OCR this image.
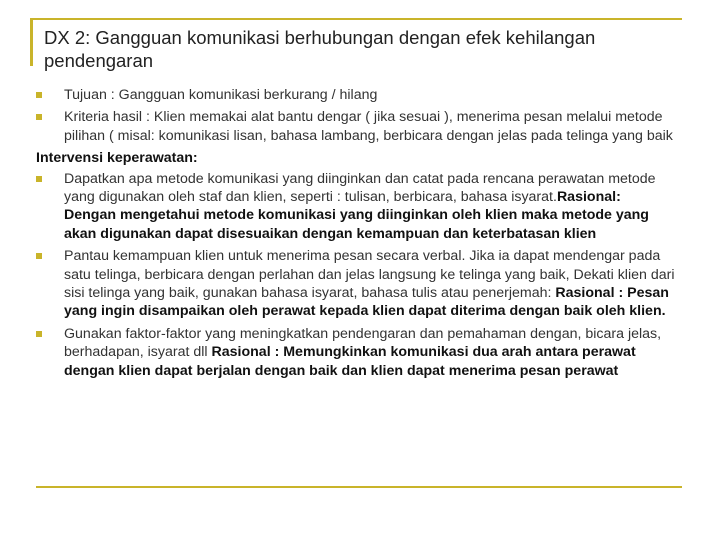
DX 2: Gangguan komunikasi berhubungan dengan efek kehilangan pendengaran
Tujuan : Gangguan komunikasi berkurang / hilang
Kriteria hasil : Klien memakai alat bantu dengar ( jika sesuai ), menerima pesan melalui metode pilihan ( misal: komunikasi lisan, bahasa lambang, berbicara dengan jelas pada telinga yang baik
Intervensi keperawatan:
Dapatkan apa metode komunikasi yang diinginkan dan catat pada rencana perawatan metode yang digunakan oleh staf dan klien, seperti : tulisan, berbicara, bahasa isyarat.Rasional: Dengan mengetahui metode komunikasi yang diinginkan oleh klien maka metode yang akan digunakan dapat disesuaikan dengan kemampuan dan keterbatasan klien
Pantau kemampuan klien untuk menerima pesan secara verbal. Jika ia dapat mendengar pada satu telinga, berbicara dengan perlahan dan jelas langsung ke telinga yang baik, Dekati klien dari sisi telinga yang baik, gunakan bahasa isyarat, bahasa tulis atau penerjemah: Rasional : Pesan yang ingin disampaikan oleh perawat kepada klien dapat diterima dengan baik oleh klien.
Gunakan faktor-faktor yang meningkatkan pendengaran dan pemahaman dengan, bicara jelas, berhadapan, isyarat dll Rasional : Memungkinkan komunikasi dua arah antara perawat dengan klien dapat berjalan dengan baik dan klien dapat menerima pesan perawat
